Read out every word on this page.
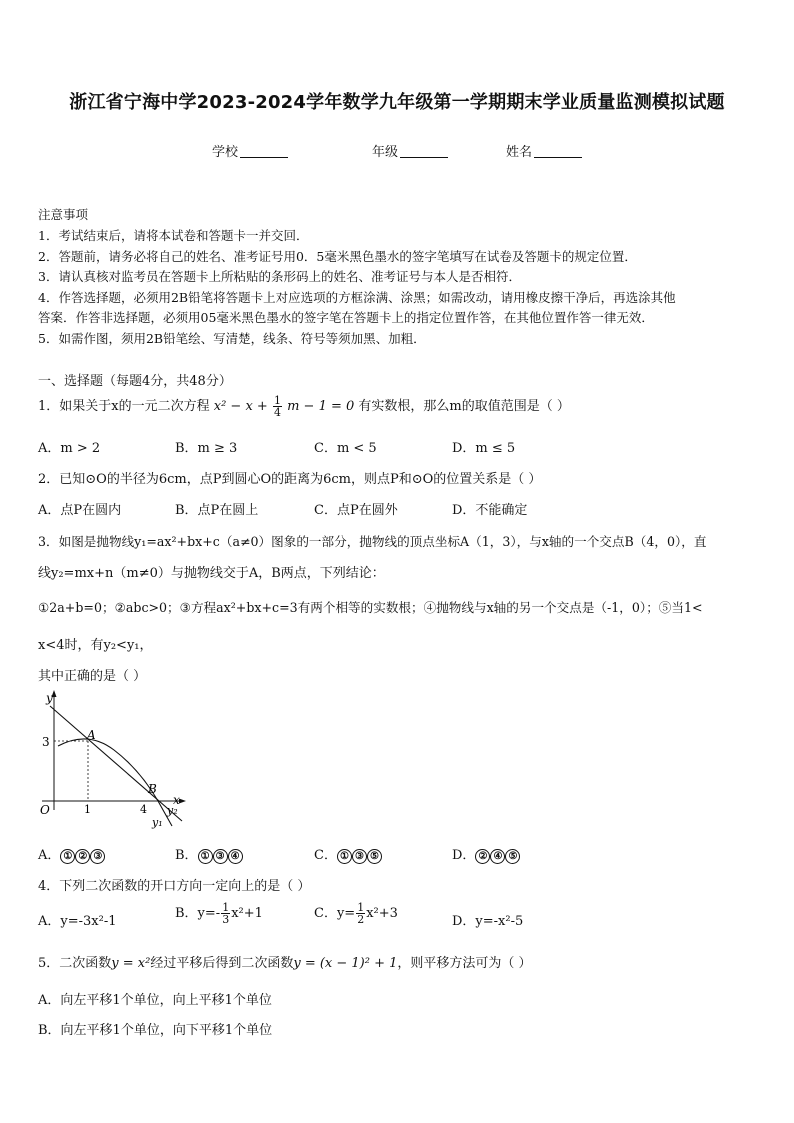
浙江省宁海中学2023-2024学年数学九年级第一学期期末学业质量监测模拟试题
学校	年级	姓名
注意事项
1．考试结束后，请将本试卷和答题卡一并交回．
2．答题前，请务必将自己的姓名、准考证号用0．5毫米黑色墨水的签字笔填写在试卷及答题卡的规定位置．
3．请认真核对监考员在答题卡上所粘贴的条形码上的姓名、准考证号与本人是否相符．
4．作答选择题，必须用2B铅笔将答题卡上对应选项的方框涂满、涂黑；如需改动，请用橡皮擦干净后，再选涂其他
答案．作答非选择题，必须用05毫米黑色墨水的签字笔在答题卡上的指定位置作答，在其他位置作答一律无效．
5．如需作图，须用2B铅笔绘、写清楚，线条、符号等须加黑、加粗．
一、选择题（每题4分，共48分）
1．如果关于x的一元二次方程 $x^2 - x + \frac{1}{4}$ m − 1 = 0 有实数根，那么m的取值范围是（ ）
A．m > 2	B．m ≥ 3	C．m < 5	D．m ≤ 5
2．已知⊙O的半径为6cm，点P到圆心O的距离为6cm，则点P和⊙O的位置关系是（ ）
A．点P在圆内	B．点P在圆上	C．点P在圆外	D．不能确定
3．如图是抛物线y₁=ax²+bx+c（a≠0）图象的一部分，抛物线的顶点坐标A（1，3），与x轴的一个交点B（4，0），直
线y₂=mx+n（m≠0）与抛物线交于A，B两点，下列结论：
①2a+b=0；②abc>0；③方程ax²+bx+c=3有两个相等的实数根；④抛物线与x轴的另一个交点是（-1，0）；⑤当1<
x<4时，有y₂<y₁，
其中正确的是（ ）
y
x
O
3
1	4
A
B
y₂
y₁
A． ① ② ③	B． ① ③ ④	C． ① ③ ⑤	D． ② ④ ⑤
4．下列二次函数的开口方向一定向上的是（ ）
A．y=-3x²-1
B．$y=- \frac{1}{3} x^2+1$	C．$y= \frac{1}{2} x^2+3$
D．y=-x²-5
5．二次函数y = x²经过平移后得到二次函数y = (x − 1)² + 1，则平移方法可为（ ）
A．向左平移1个单位，向上平移1个单位
B．向左平移1个单位，向下平移1个单位
